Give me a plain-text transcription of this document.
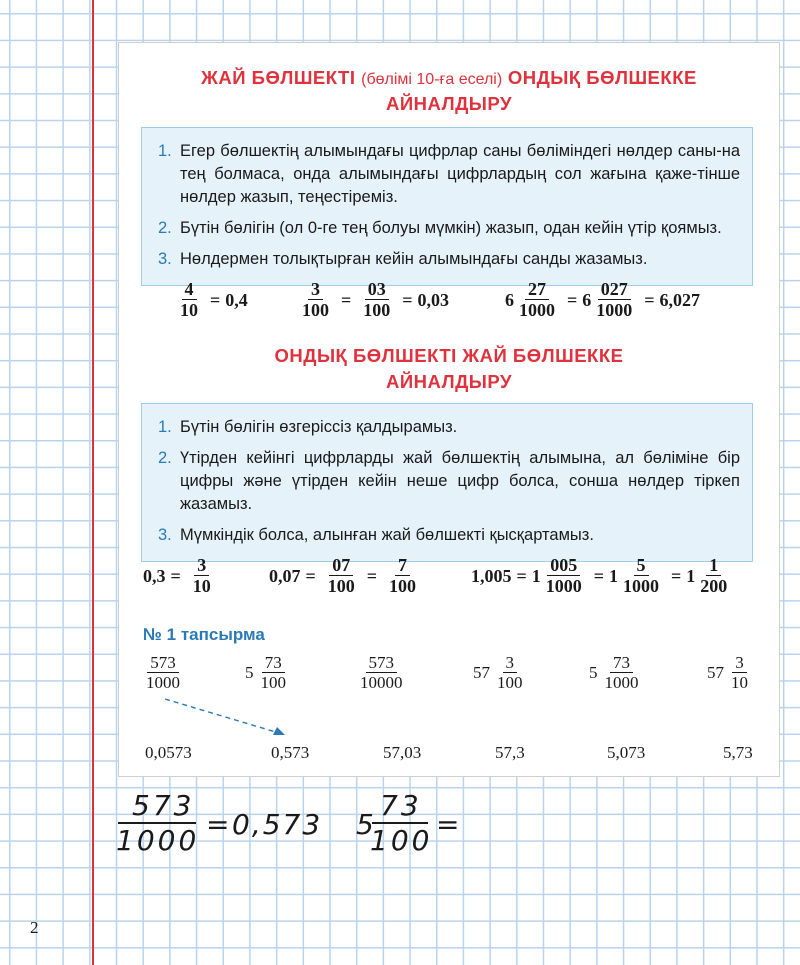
2
ЖАЙ БӨЛШЕКТІ (бөлімі 10-ға еселі) ОНДЫҚ БӨЛШЕККЕ
АЙНАЛДЫРУ
1. Егер бөлшектің алымындағы цифрлар саны бөліміндегі нөлдер саны-на тең болмаса, онда алымындағы цифрлардың сол жағына қаже-тінше нөлдер жазып, теңестіреміз.
2. Бүтін бөлігін (ол 0-ге тең болуы мүмкін) жазып, одан кейін үтір қоямыз.
3. Нөлдермен толықтырған кейін алымындағы санды жазамыз.
$\frac{4}{10} = 0,4$	$\frac{3}{100} = \frac{03}{100} = 0,03$	$6 \frac{27}{1000} = 6 \frac{027}{1000} = 6,027$
ОНДЫҚ БӨЛШЕКТІ ЖАЙ БӨЛШЕККЕ
АЙНАЛДЫРУ
1. Бүтін бөлігін өзгеріссіз қалдырамыз.
2. Үтірден кейінгі цифрларды жай бөлшектің алымына, ал бөліміне бір цифры және үтірден кейін неше цифр болса, сонша нөлдер тіркеп жазамыз.
3. Мүмкіндік болса, алынған жай бөлшекті қысқартамыз.
$0,3 = \frac{3}{10}$	$0,07 = \frac{07}{100} = \frac{7}{100}$	$1,005 = 1 \frac{005}{1000} = 1 \frac{5}{1000} = 1 \frac{1}{200}$
№ 1 тапсырма
$\frac{573}{1000}$	$5 \frac{73}{100}$	$\frac{573}{10000}$	$57 \frac{3}{100}$	$5 \frac{73}{1000}$	$57 \frac{3}{10}$
0,0573	0,573	57,03	57,3	5,073	5,73
573
1000 = 0,573 5
73
100 =
